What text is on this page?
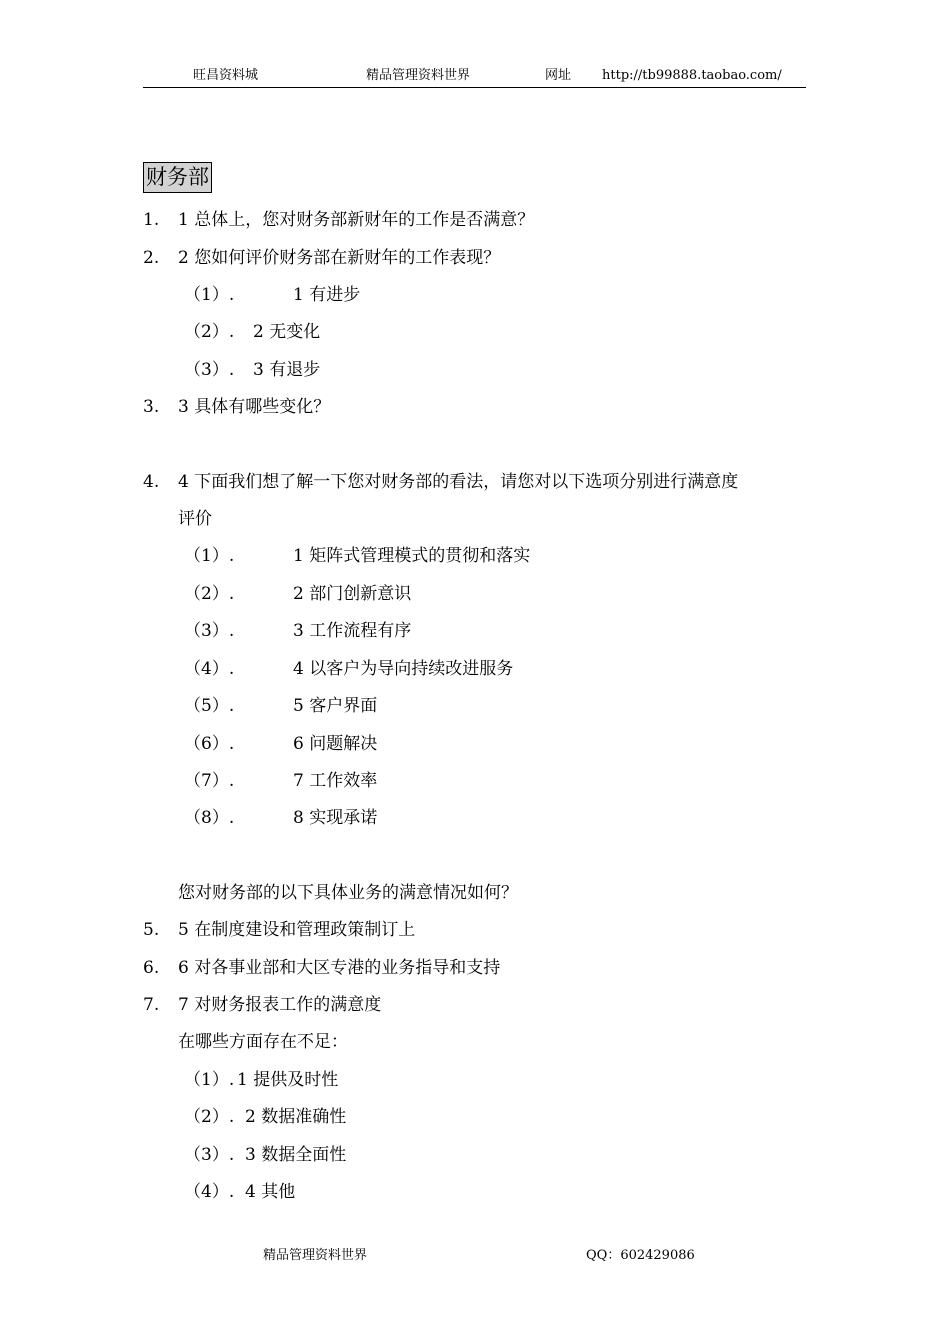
旺昌资料城	精品管理资料世界	网址 http://tb99888.taobao.com/
财务部
1. 1 总体上，您对财务部新财年的工作是否满意？
2. 2 您如何评价财务部在新财年的工作表现？
（1）.	1 有进步
（2）. 2 无变化
（3）. 3 有退步
3. 3 具体有哪些变化？
4. 4 下面我们想了解一下您对财务部的看法，请您对以下选项分别进行满意度
评价
（1）.	1 矩阵式管理模式的贯彻和落实
（2）.	2 部门创新意识
（3）.	3 工作流程有序
（4）.	4 以客户为导向持续改进服务
（5）.	5 客户界面
（6）.	6 问题解决
（7）.	7 工作效率
（8）.	8 实现承诺
您对财务部的以下具体业务的满意情况如何？
5. 5 在制度建设和管理政策制订上
6. 6 对各事业部和大区专港的业务指导和支持
7. 7 对财务报表工作的满意度
在哪些方面存在不足：
（1）. 1 提供及时性
（2）. 2 数据准确性
（3）. 3 数据全面性
（4）. 4 其他
精品管理资料世界	QQ：602429086
